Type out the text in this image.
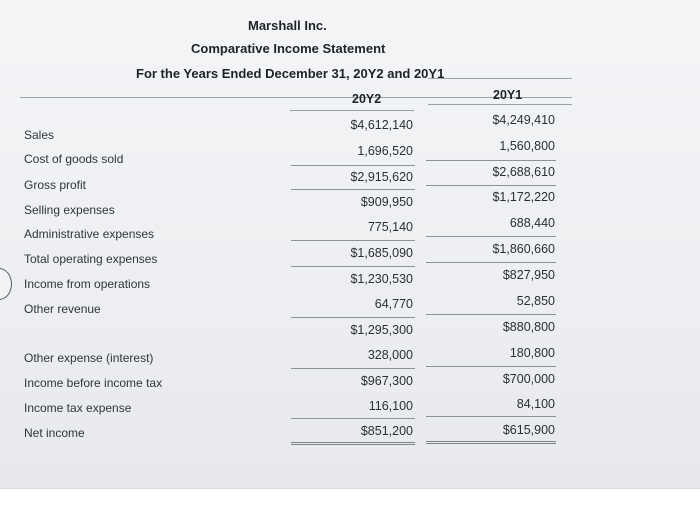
Marshall Inc.
Comparative Income Statement
For the Years Ended December 31, 20Y2 and 20Y1
20Y2	20Y1
Sales
Cost of goods sold
Gross profit
Selling expenses
Administrative expenses
Total operating expenses
Income from operations
Other revenue
Other expense (interest)
Income before income tax
Income tax expense
Net income
$4,612,140
1,696,520
$2,915,620
$909,950
775,140
$1,685,090
$1,230,530
64,770
$1,295,300
328,000
$967,300
116,100
$851,200
$4,249,410
1,560,800
$2,688,610
$1,172,220
688,440
$1,860,660
$827,950
52,850
$880,800
180,800
$700,000
84,100
$615,900
